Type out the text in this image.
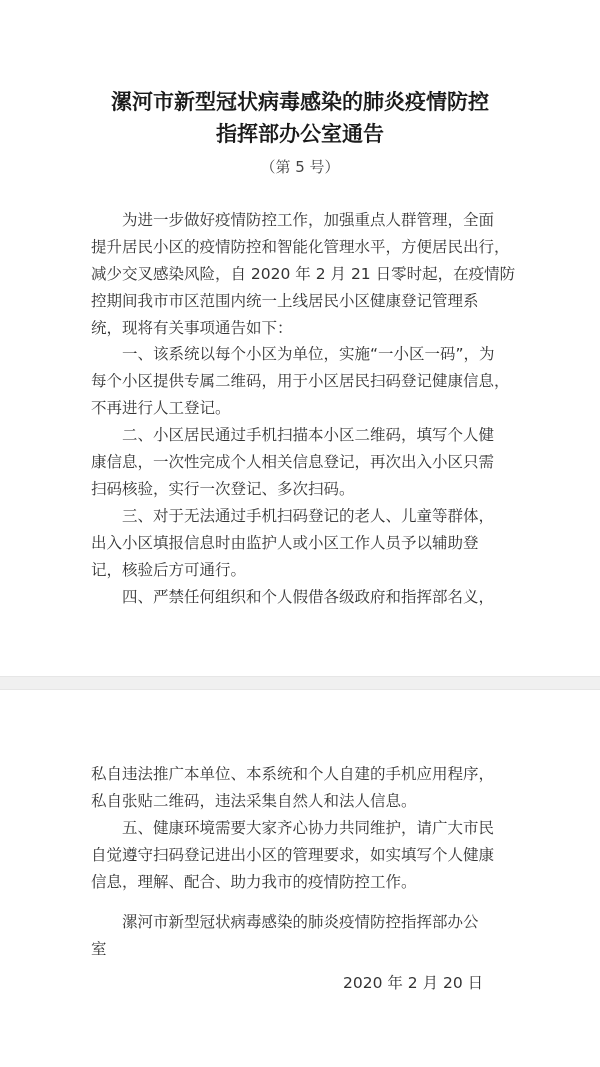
漯河市新型冠状病毒感染的肺炎疫情防控
指挥部办公室通告
（第 5 号）
　　为进一步做好疫情防控工作，加强重点人群管理，全面
提升居民小区的疫情防控和智能化管理水平，方便居民出行，
减少交叉感染风险，自 2020 年 2 月 21 日零时起，在疫情防
控期间我市市区范围内统一上线居民小区健康登记管理系
统，现将有关事项通告如下：
　　一、该系统以每个小区为单位，实施“一小区一码”，为
每个小区提供专属二维码，用于小区居民扫码登记健康信息，
不再进行人工登记。
　　二、小区居民通过手机扫描本小区二维码，填写个人健
康信息，一次性完成个人相关信息登记，再次出入小区只需
扫码核验，实行一次登记、多次扫码。
　　三、对于无法通过手机扫码登记的老人、儿童等群体，
出入小区填报信息时由监护人或小区工作人员予以辅助登
记，核验后方可通行。
　　四、严禁任何组织和个人假借各级政府和指挥部名义，
私自违法推广本单位、本系统和个人自建的手机应用程序，
私自张贴二维码，违法采集自然人和法人信息。
　　五、健康环境需要大家齐心协力共同维护，请广大市民
自觉遵守扫码登记进出小区的管理要求，如实填写个人健康
信息，理解、配合、助力我市的疫情防控工作。
漯河市新型冠状病毒感染的肺炎疫情防控指挥部办公
室
2020 年 2 月 20 日
